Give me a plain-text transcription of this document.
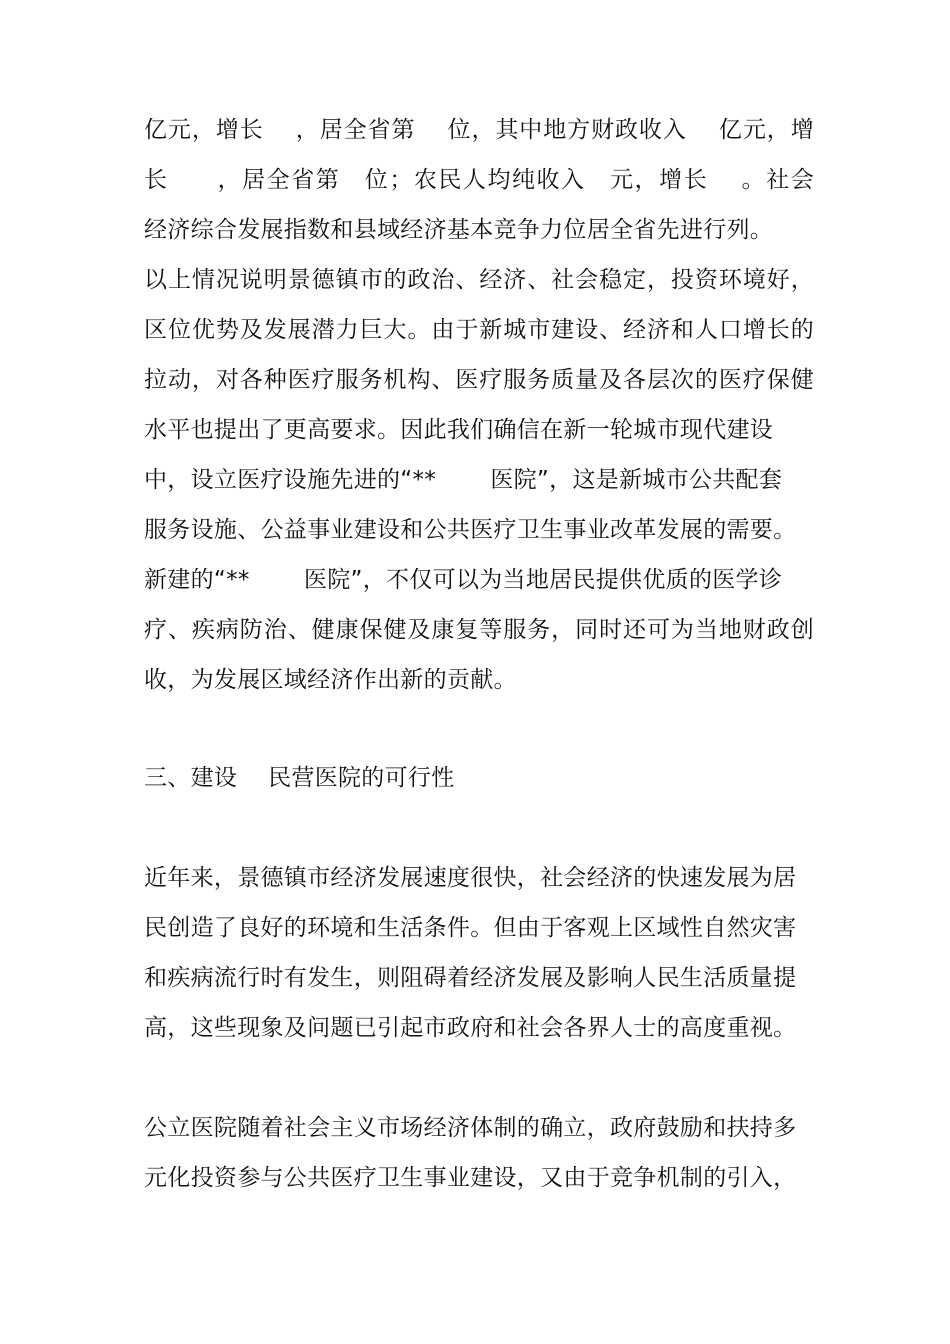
亿元，增长　 ，居全省第　 位，其中地方财政收入　 亿元，增
长　　，居全省第　位；农民人均纯收入　元，增长　 。社会
经济综合发展指数和县域经济基本竞争力位居全省先进行列。
以上情况说明景德镇市的政治、经济、社会稳定，投资环境好，
区位优势及发展潜力巨大。由于新城市建设、经济和人口增长的
拉动，对各种医疗服务机构、医疗服务质量及各层次的医疗保健
水平也提出了更高要求。因此我们确信在新一轮城市现代建设
中，设立医疗设施先进的“**　　 医院”，这是新城市公共配套
服务设施、公益事业建设和公共医疗卫生事业改革发展的需要。
新建的“**　　 医院”，不仅可以为当地居民提供优质的医学诊
疗、疾病防治、健康保健及康复等服务，同时还可为当地财政创
收，为发展区域经济作出新的贡献。
三、建设　 民营医院的可行性
近年来，景德镇市经济发展速度很快，社会经济的快速发展为居
民创造了良好的环境和生活条件。但由于客观上区域性自然灾害
和疾病流行时有发生，则阻碍着经济发展及影响人民生活质量提
高，这些现象及问题已引起市政府和社会各界人士的高度重视。
公立医院随着社会主义市场经济体制的确立，政府鼓励和扶持多
元化投资参与公共医疗卫生事业建设，又由于竞争机制的引入，
